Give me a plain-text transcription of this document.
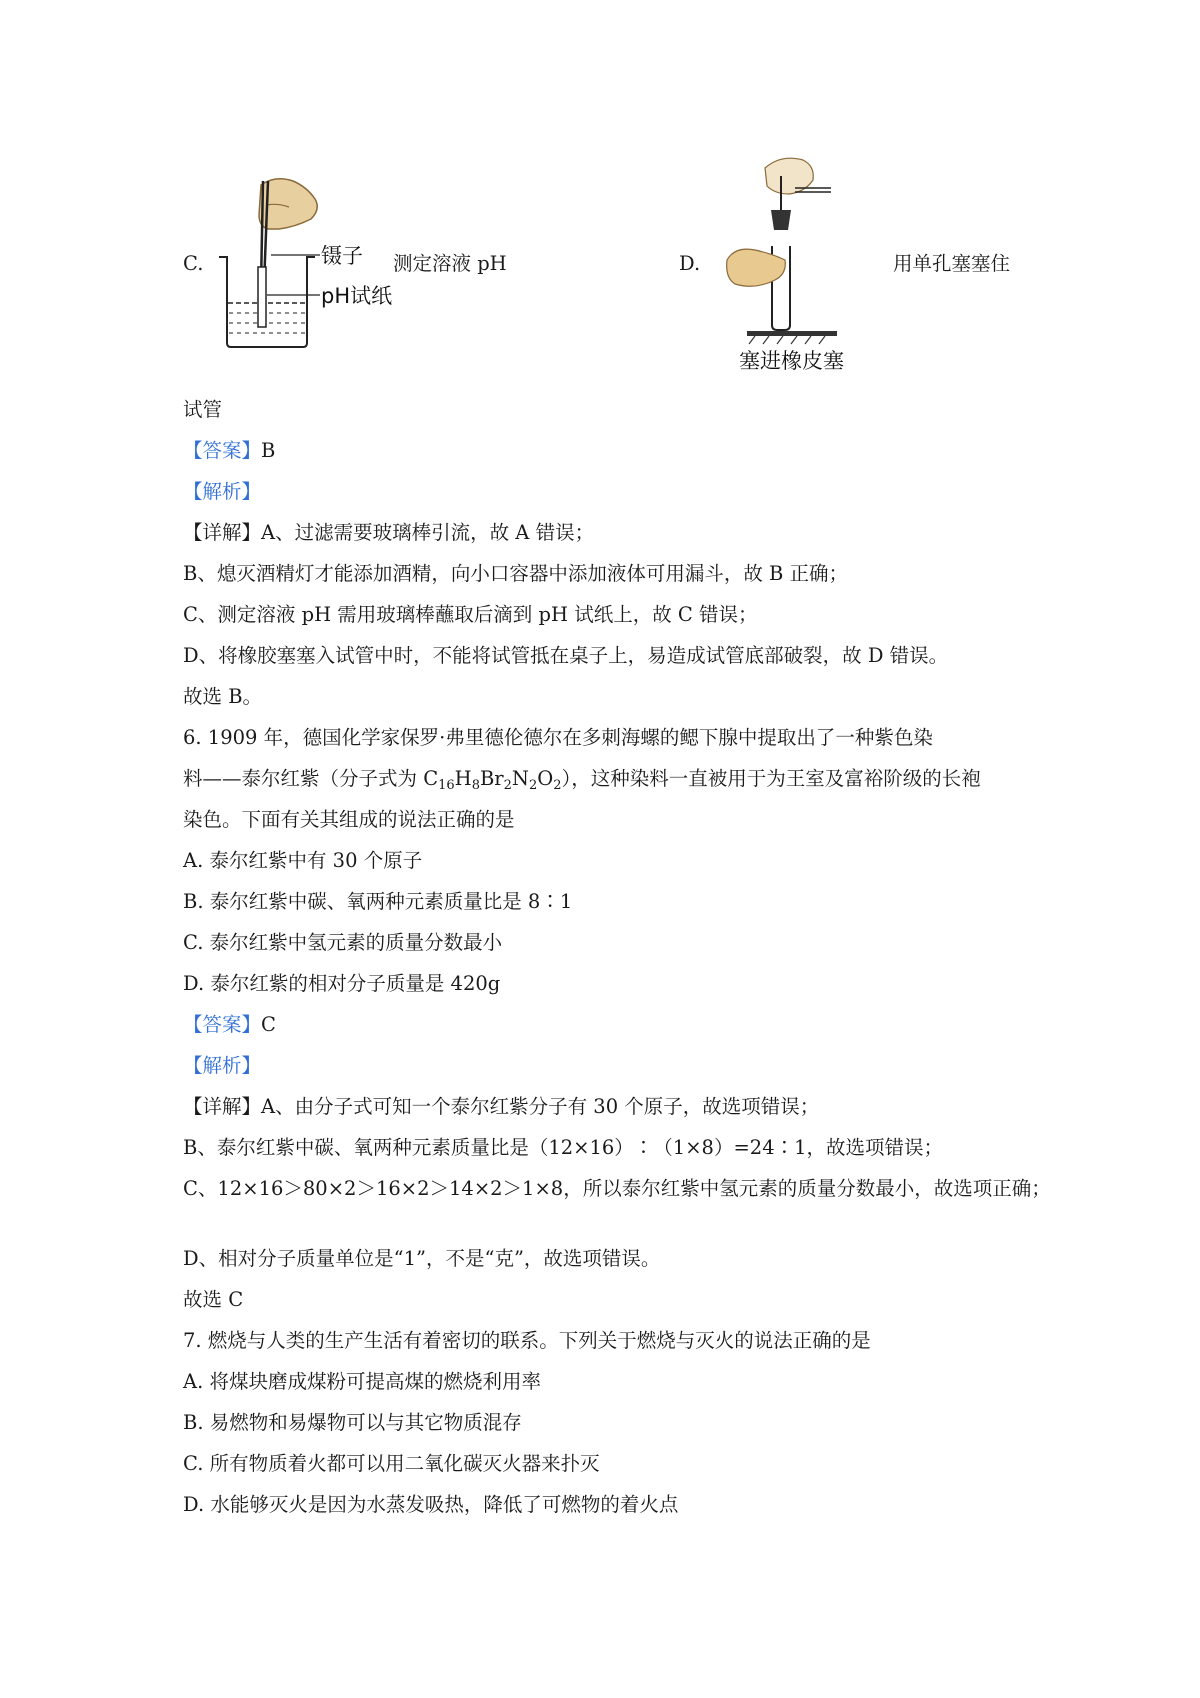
C.	镊子
pH试纸
测定溶液 pH	D.
塞进橡皮塞
用单孔塞塞住
试管
【答案】B
【解析】
【详解】A、过滤需要玻璃棒引流，故 A 错误；
B、熄灭酒精灯才能添加酒精，向小口容器中添加液体可用漏斗，故 B 正确；
C、测定溶液 pH 需用玻璃棒蘸取后滴到 pH 试纸上，故 C 错误；
D、将橡胶塞塞入试管中时，不能将试管抵在桌子上，易造成试管底部破裂，故 D 错误。
故选 B。
6. 1909 年，德国化学家保罗·弗里德伦德尔在多刺海螺的鳃下腺中提取出了一种紫色染
料——泰尔红紫（分子式为 $C_{16}H_8Br_2N_2O_2$），这种染料一直被用于为王室及富裕阶级的长袍
染色。下面有关其组成的说法正确的是
A. 泰尔红紫中有 30 个原子
B. 泰尔红紫中碳、氧两种元素质量比是 8∶1
C. 泰尔红紫中氢元素的质量分数最小
D. 泰尔红紫的相对分子质量是 420g
【答案】C
【解析】
【详解】A、由分子式可知一个泰尔红紫分子有 30 个原子，故选项错误；
B、泰尔红紫中碳、氧两种元素质量比是（12×16）∶（1×8）=24∶1，故选项错误；
C、12×16＞80×2＞16×2＞14×2＞1×8，所以泰尔红紫中氢元素的质量分数最小，故选项正确；
D、相对分子质量单位是“1”，不是“克”，故选项错误。
故选 C
7. 燃烧与人类的生产生活有着密切的联系。下列关于燃烧与灭火的说法正确的是
A. 将煤块磨成煤粉可提高煤的燃烧利用率
B. 易燃物和易爆物可以与其它物质混存
C. 所有物质着火都可以用二氧化碳灭火器来扑灭
D. 水能够灭火是因为水蒸发吸热，降低了可燃物的着火点
